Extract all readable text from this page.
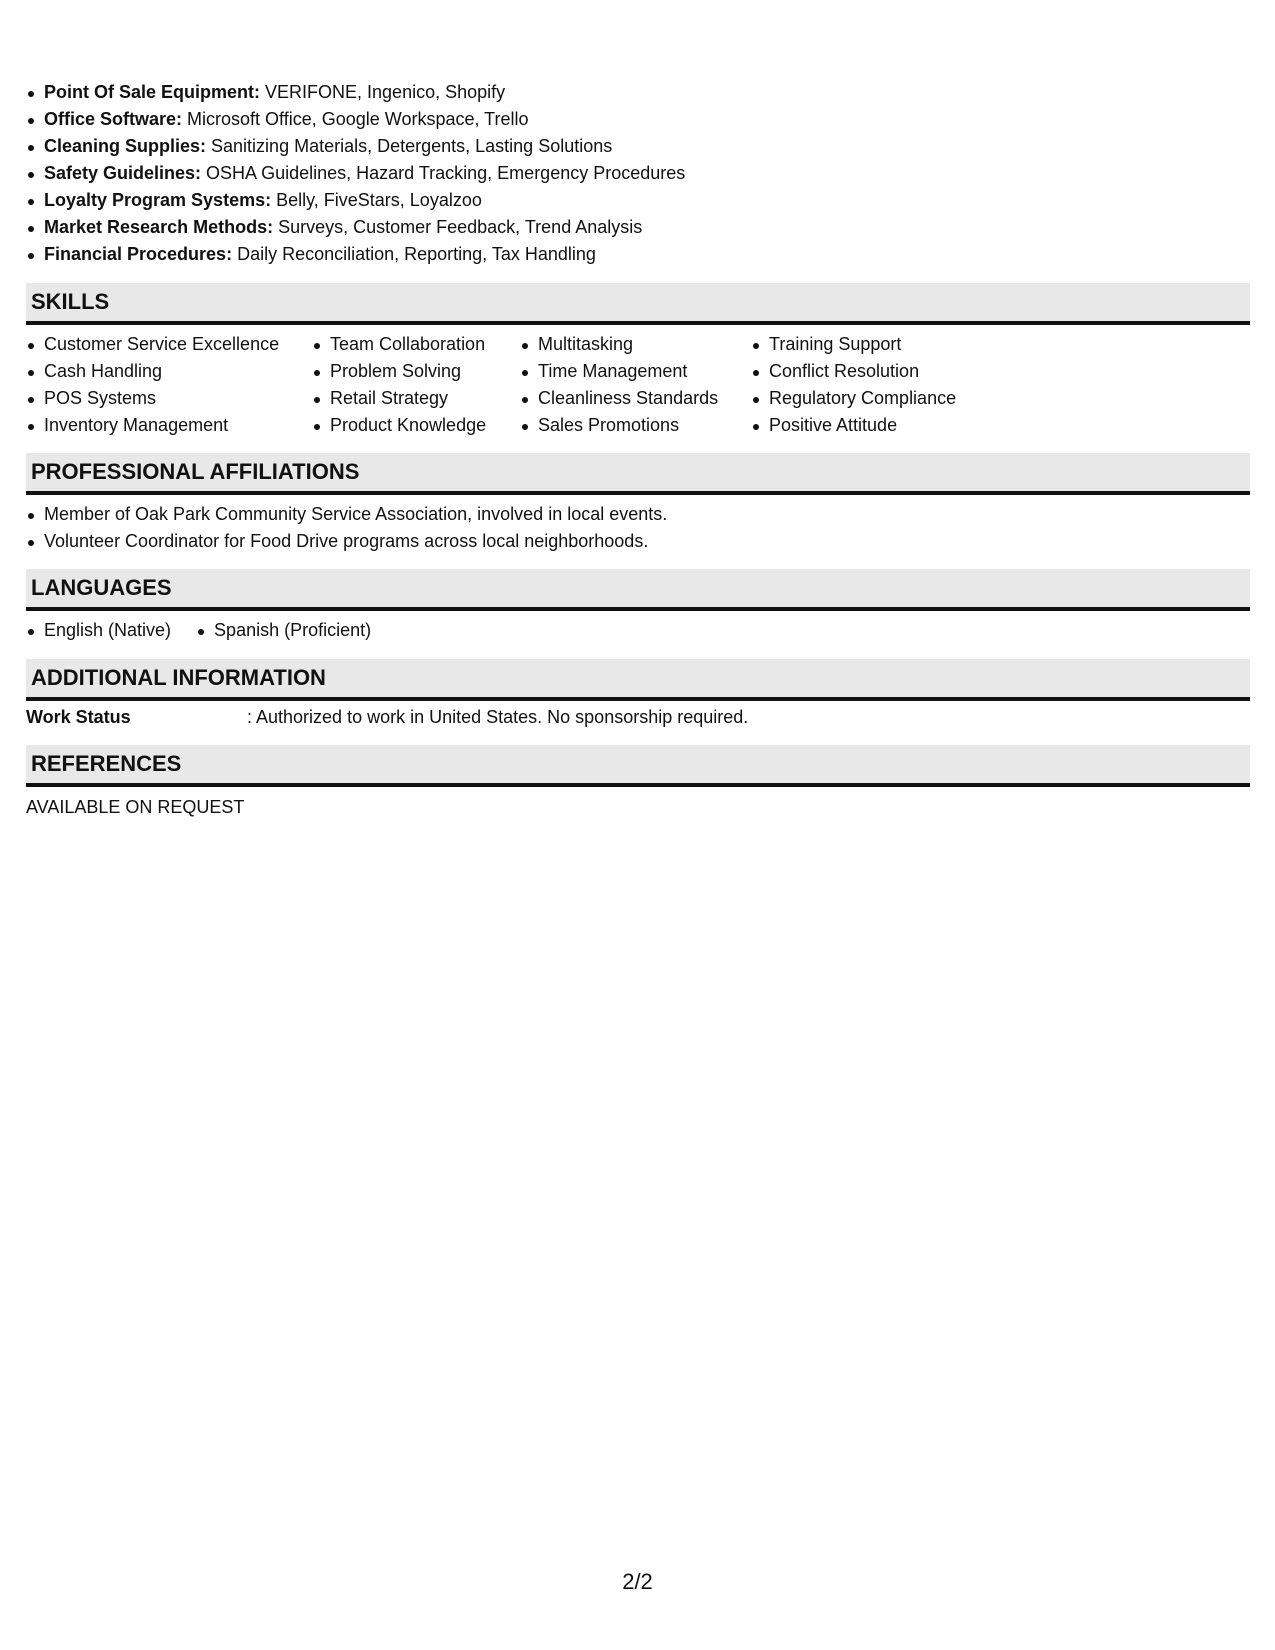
Point Of Sale Equipment: VERIFONE, Ingenico, Shopify
Office Software: Microsoft Office, Google Workspace, Trello
Cleaning Supplies: Sanitizing Materials, Detergents, Lasting Solutions
Safety Guidelines: OSHA Guidelines, Hazard Tracking, Emergency Procedures
Loyalty Program Systems: Belly, FiveStars, Loyalzoo
Market Research Methods: Surveys, Customer Feedback, Trend Analysis
Financial Procedures: Daily Reconciliation, Reporting, Tax Handling
SKILLS
Customer Service Excellence
Cash Handling
POS Systems
Inventory Management
Team Collaboration
Problem Solving
Retail Strategy
Product Knowledge
Multitasking
Time Management
Cleanliness Standards
Sales Promotions
Training Support
Conflict Resolution
Regulatory Compliance
Positive Attitude
PROFESSIONAL AFFILIATIONS
Member of Oak Park Community Service Association, involved in local events.
Volunteer Coordinator for Food Drive programs across local neighborhoods.
LANGUAGES
English (Native)	Spanish (Proficient)
ADDITIONAL INFORMATION
Work Status	: Authorized to work in United States. No sponsorship required.
REFERENCES
AVAILABLE ON REQUEST
2/2
